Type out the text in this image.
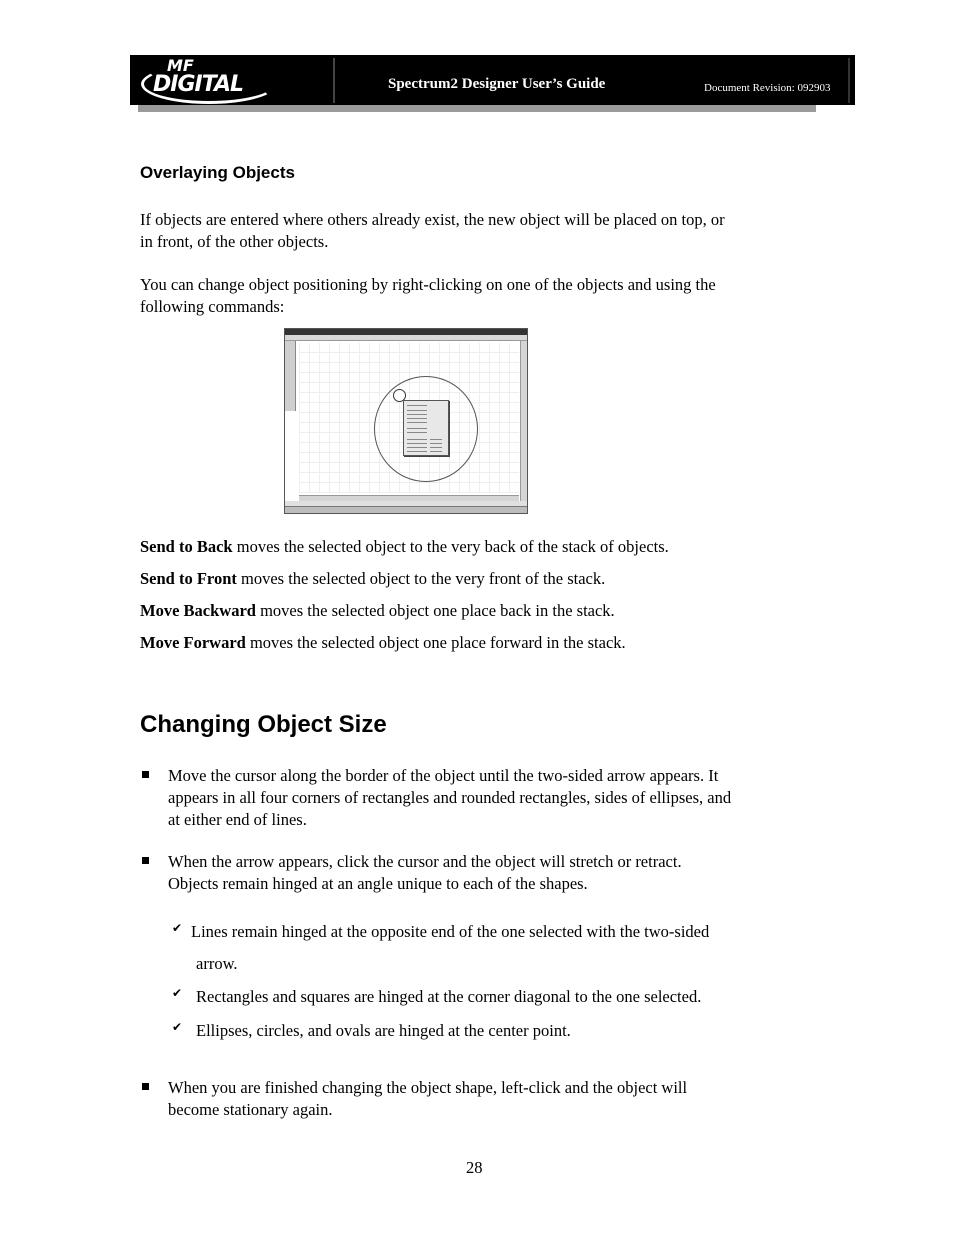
MF
DIGITAL	Spectrum2 Designer User’s Guide	Document Revision: 092903
Overlaying Objects
If objects are entered where others already exist, the new object will be placed on top, or
in front, of the other objects.
You can change object positioning by right-clicking on one of the objects and using the
following commands:
Send to Back moves the selected object to the very back of the stack of objects.
Send to Front moves the selected object to the very front of the stack.
Move Backward moves the selected object one place back in the stack.
Move Forward moves the selected object one place forward in the stack.
Changing Object Size
Move the cursor along the border of the object until the two-sided arrow appears. It
appears in all four corners of rectangles and rounded rectangles, sides of ellipses, and
at either end of lines.
When the arrow appears, click the cursor and the object will stretch or retract.
Objects remain hinged at an angle unique to each of the shapes.
✔ Lines remain hinged at the opposite end of the one selected with the two-sided
arrow.
✔ Rectangles and squares are hinged at the corner diagonal to the one selected.
✔ Ellipses, circles, and ovals are hinged at the center point.
When you are finished changing the object shape, left-click and the object will
become stationary again.
28
